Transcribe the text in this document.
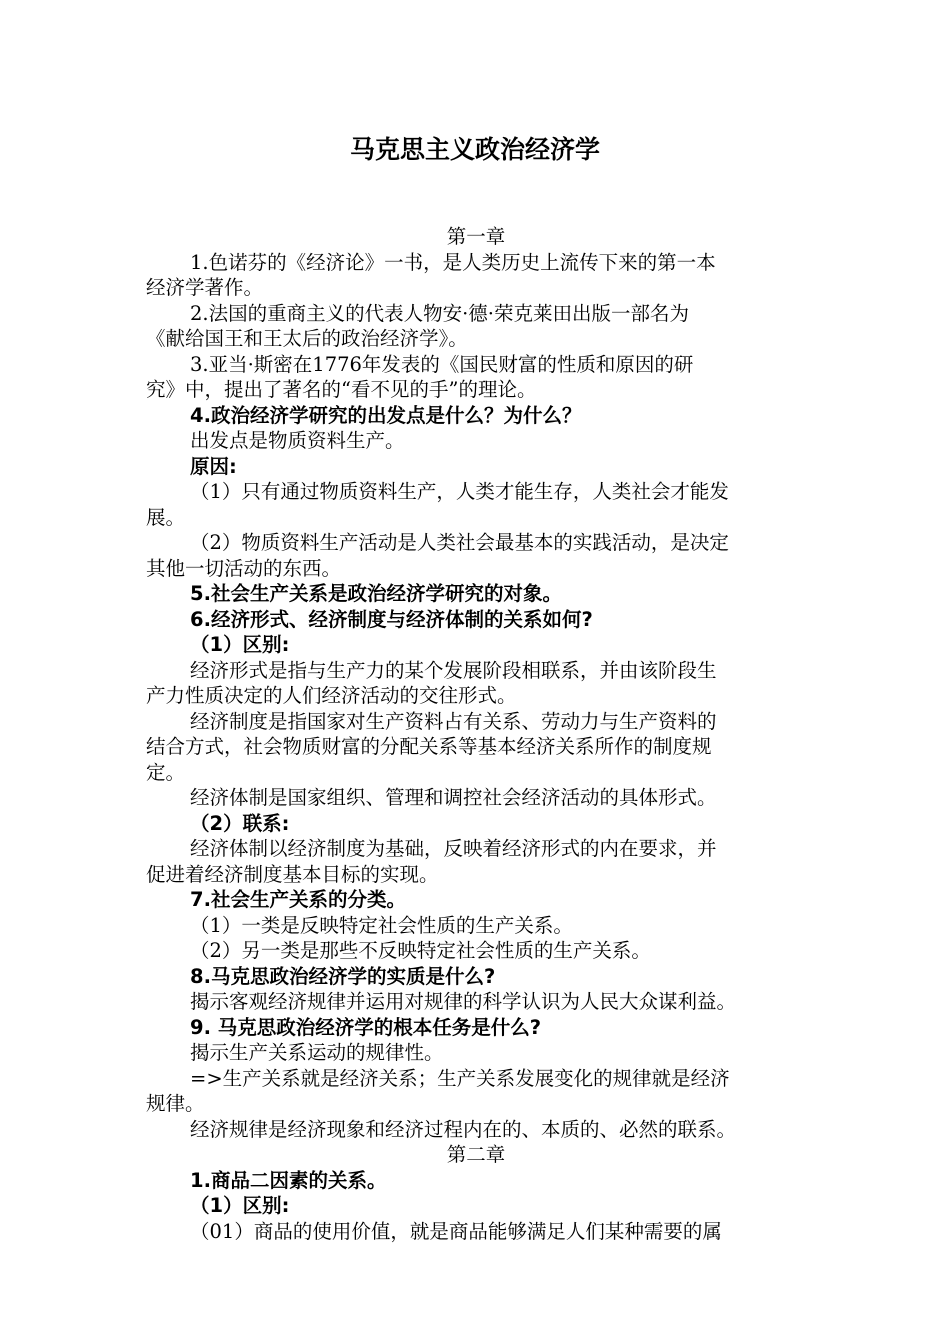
马克思主义政治经济学
第一章
1.色诺芬的《经济论》一书，是人类历史上流传下来的第一本
经济学著作。
2.法国的重商主义的代表人物安·德·荣克莱田出版一部名为
《献给国王和王太后的政治经济学》。
3.亚当·斯密在1776年发表的《国民财富的性质和原因的研
究》中，提出了著名的“看不见的手”的理论。
4.政治经济学研究的出发点是什么？为什么？
出发点是物质资料生产。
原因:
（1）只有通过物质资料生产，人类才能生存，人类社会才能发
展。
（2）物质资料生产活动是人类社会最基本的实践活动，是决定
其他一切活动的东西。
5.社会生产关系是政治经济学研究的对象。
6.经济形式、经济制度与经济体制的关系如何?
（1）区别:
经济形式是指与生产力的某个发展阶段相联系，并由该阶段生
产力性质决定的人们经济活动的交往形式。
经济制度是指国家对生产资料占有关系、劳动力与生产资料的
结合方式，社会物质财富的分配关系等基本经济关系所作的制度规
定。
经济体制是国家组织、管理和调控社会经济活动的具体形式。
（2）联系:
经济体制以经济制度为基础，反映着经济形式的内在要求，并
促进着经济制度基本目标的实现。
7.社会生产关系的分类。
（1）一类是反映特定社会性质的生产关系。
（2）另一类是那些不反映特定社会性质的生产关系。
8.马克思政治经济学的实质是什么?
揭示客观经济规律并运用对规律的科学认识为人民大众谋利益。
9. 马克思政治经济学的根本任务是什么?
揭示生产关系运动的规律性。
=>生产关系就是经济关系；生产关系发展变化的规律就是经济
规律。
经济规律是经济现象和经济过程内在的、本质的、必然的联系。
第二章
1.商品二因素的关系。
（1）区别:
（01）商品的使用价值，就是商品能够满足人们某种需要的属
